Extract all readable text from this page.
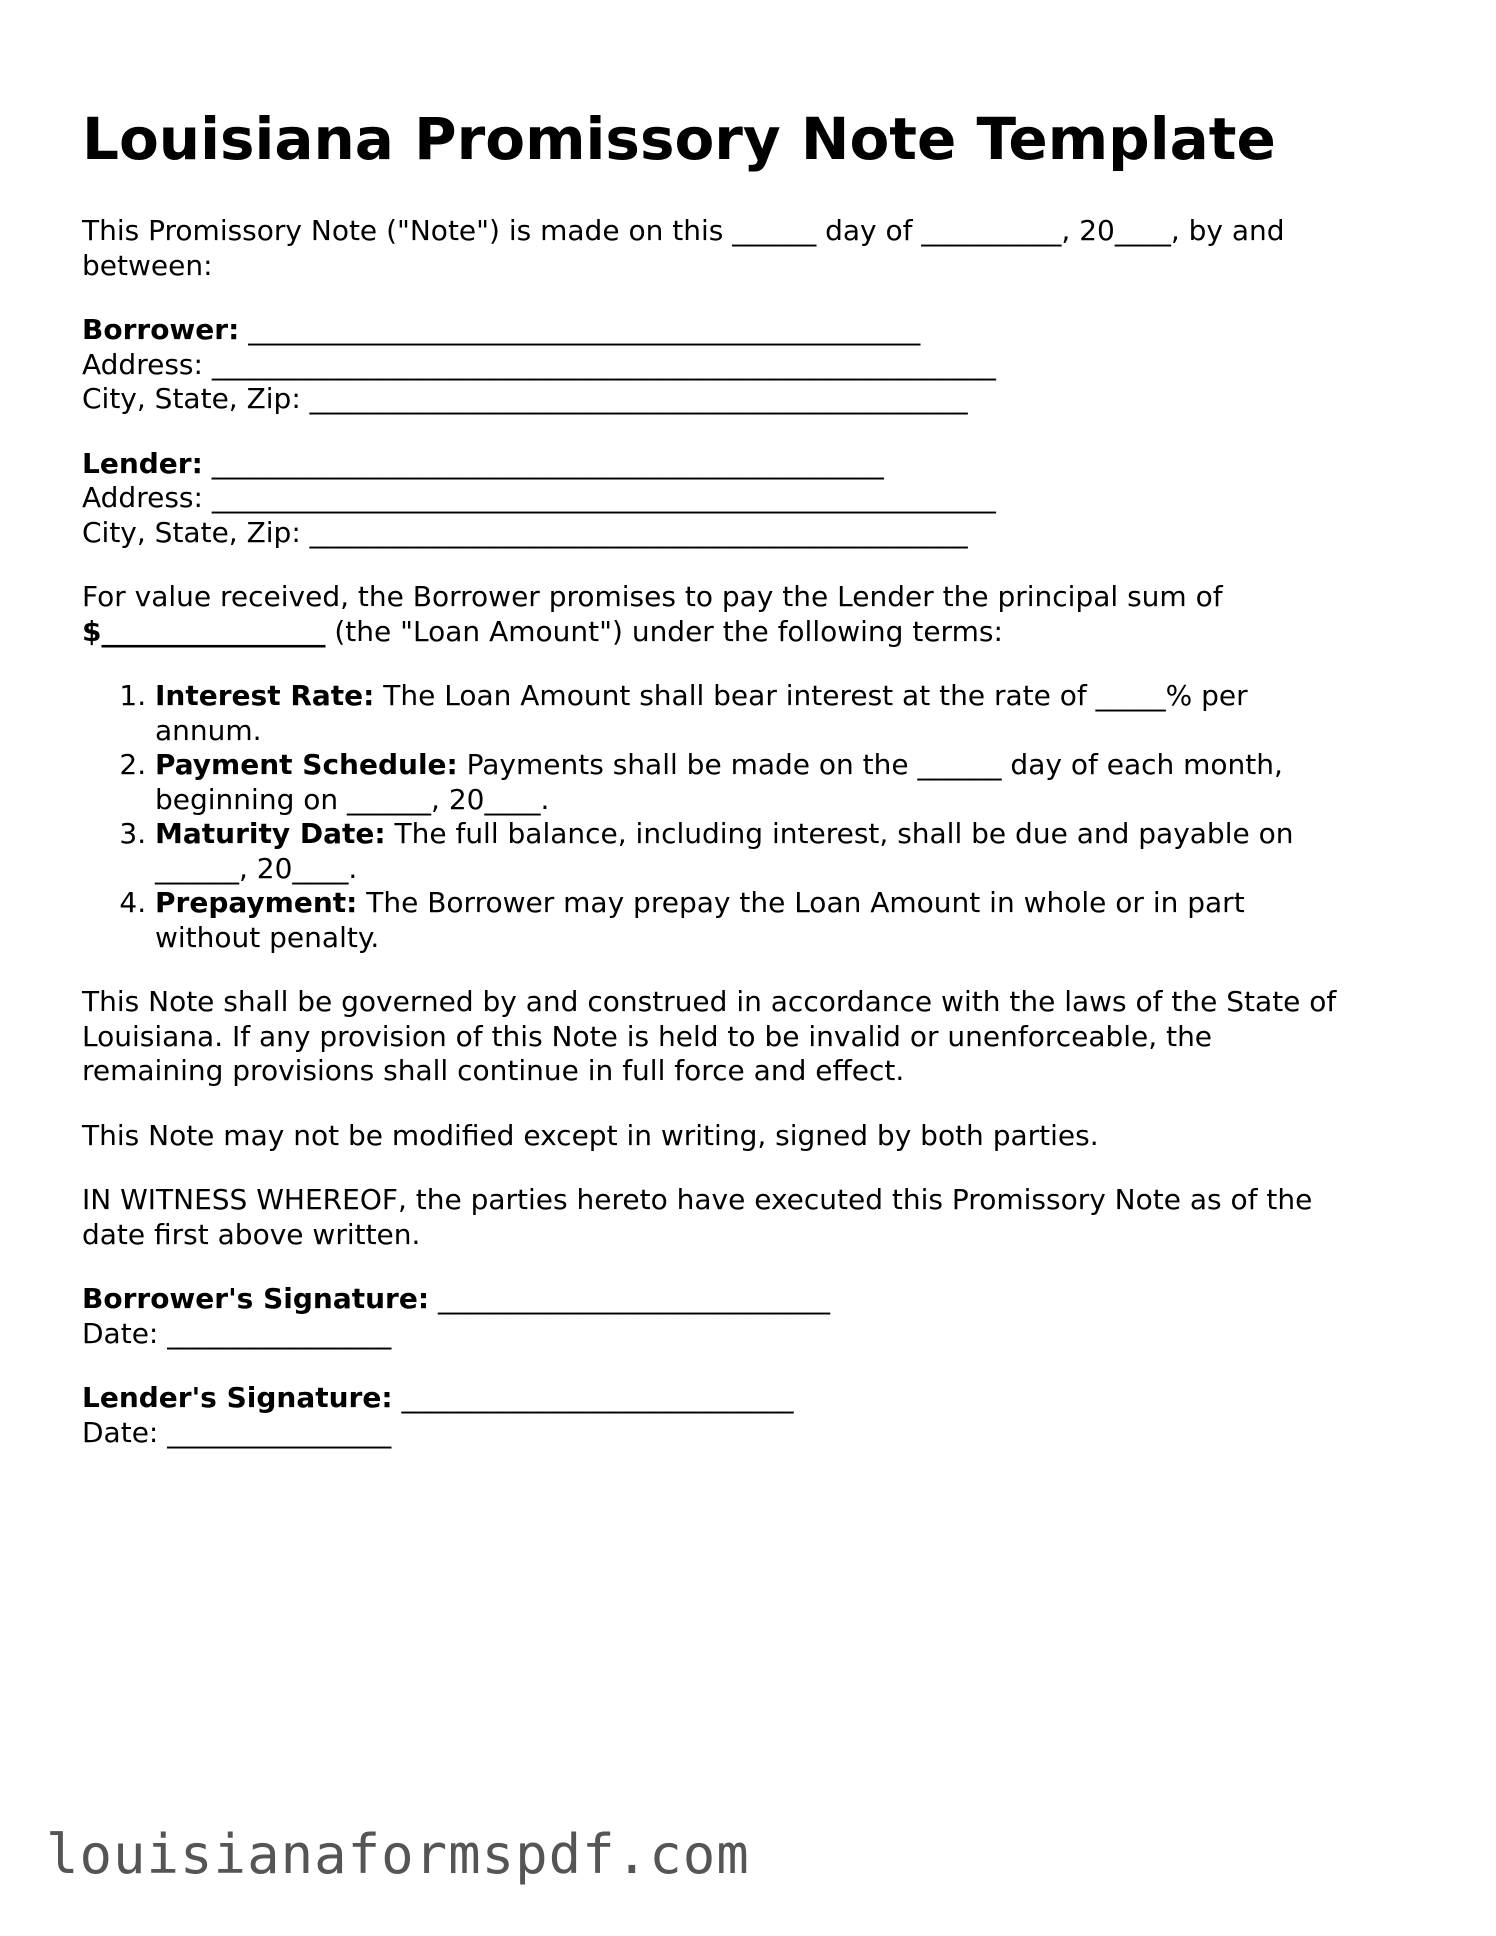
Louisiana Promissory Note Template

This Promissory Note ("Note") is made on this ______ day of __________, 20____, by and
between:

Borrower: ________________________________________________
Address: ________________________________________________________
City, State, Zip: _______________________________________________
Lender: ________________________________________________
Address: ________________________________________________________
City, State, Zip: _______________________________________________

For value received, the Borrower promises to pay the Lender the principal sum of
$________________ (the "Loan Amount") under the following terms:

1. Interest Rate: The Loan Amount shall bear interest at the rate of _____% per
annum.
2. Payment Schedule: Payments shall be made on the ______ day of each month,
beginning on ______, 20____.
3. Maturity Date: The full balance, including interest, shall be due and payable on
______, 20____.
4. Prepayment: The Borrower may prepay the Loan Amount in whole or in part
without penalty.

This Note shall be governed by and construed in accordance with the laws of the State of
Louisiana. If any provision of this Note is held to be invalid or unenforceable, the
remaining provisions shall continue in full force and effect.

This Note may not be modified except in writing, signed by both parties.

IN WITNESS WHEREOF, the parties hereto have executed this Promissory Note as of the
date first above written.

Borrower's Signature: ____________________________
Date: ________________
Lender's Signature: ____________________________
Date: ________________
louisianaformspdf.com
